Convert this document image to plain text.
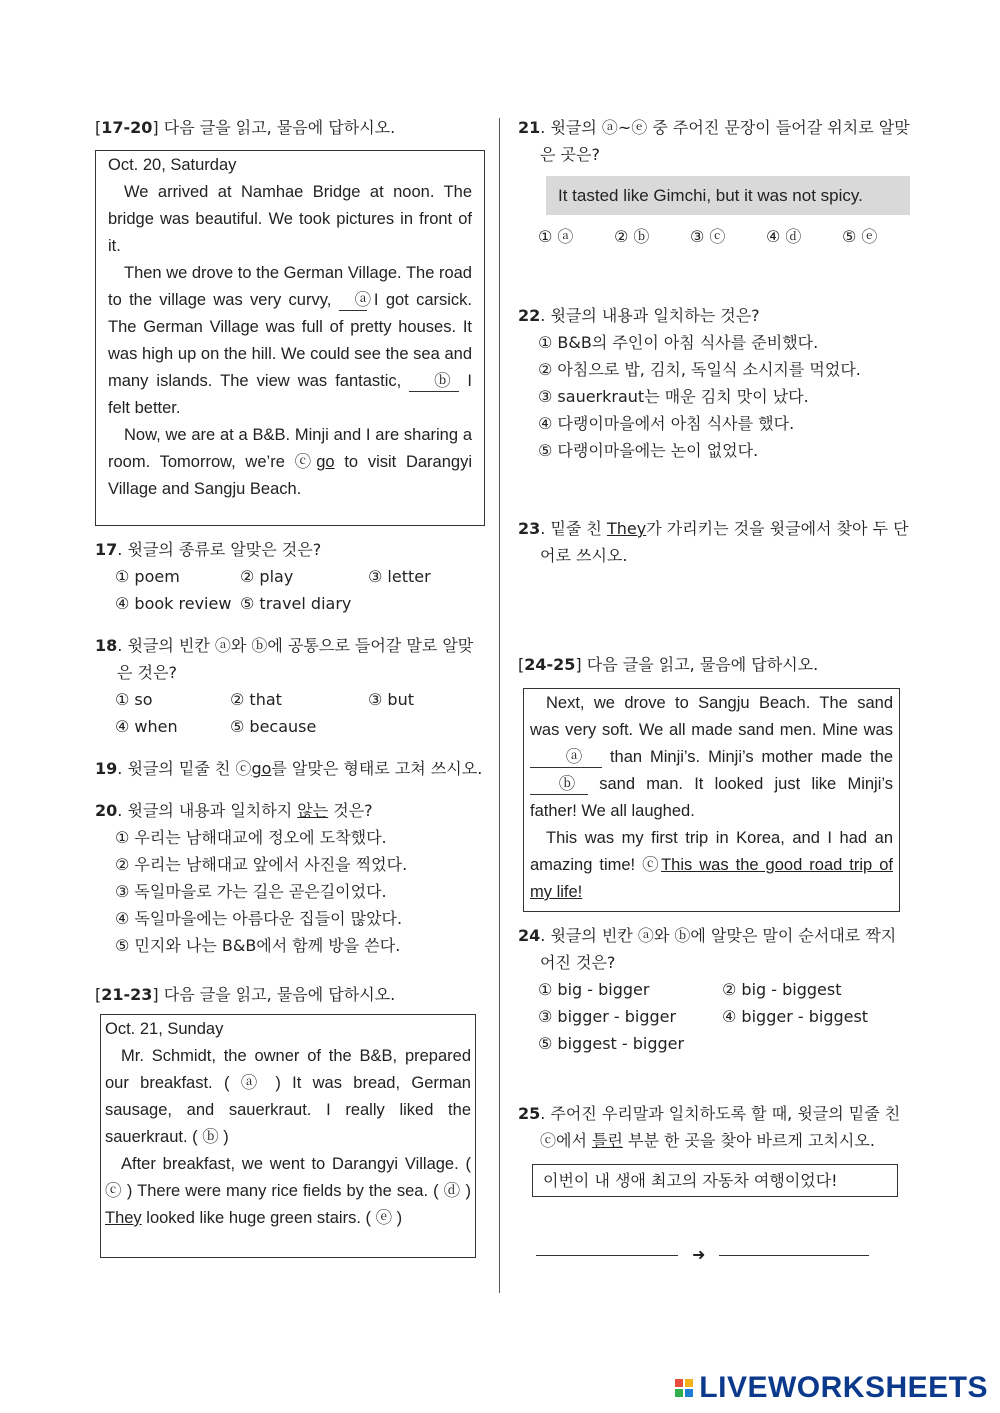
[17-20] 다음 글을 읽고, 물음에 답하시오.

Oct. 20, Saturday

We arrived at Namhae Bridge at noon. The bridge was beautiful. We took pictures in front of it.

Then we drove to the German Village. The road to the village was very curvy, ⓐ I got carsick. The German Village was full of pretty houses. It was high up on the hill. We could see the sea and many islands. The view was fantastic, ⓑ I felt better.

Now, we are at a B&B. Minji and I are sharing a room. Tomorrow, we’re ⓒgo to visit Darangyi Village and Sangju Beach.

17. 윗글의 종류로 알맞은 것은?
① poem	② play	③ letter
④ book review ⑤ travel diary
18. 윗글의 빈칸 ⓐ와 ⓑ에 공통으로 들어갈 말로 알맞은 것은?
① so	② that	③ but
④ when	⑤ because
19. 윗글의 밑줄 친 ⓒgo를 알맞은 형태로 고쳐 쓰시오.
20. 윗글의 내용과 일치하지 않는 것은?
① 우리는 남해대교에 정오에 도착했다.
② 우리는 남해대교 앞에서 사진을 찍었다.
③ 독일마을로 가는 길은 곧은길이었다.
④ 독일마을에는 아름다운 집들이 많았다.
⑤ 민지와 나는 B&B에서 함께 방을 쓴다.
[21-23] 다음 글을 읽고, 물음에 답하시오.

Oct. 21, Sunday

Mr. Schmidt, the owner of the B&B, prepared our breakfast. ( ⓐ ) It was bread, German sausage, and sauerkraut. I really liked the sauerkraut. ( ⓑ )

After breakfast, we went to Darangyi Village. ( ⓒ ) There were many rice fields by the sea. ( ⓓ ) They looked like huge green stairs. ( ⓔ )

21. 윗글의 ⓐ~ⓔ 중 주어진 문장이 들어갈 위치로 알맞은 곳은?
It tasted like Gimchi, but it was not spicy.
① ⓐ	② ⓑ	③ ⓒ	④ ⓓ	⑤ ⓔ
22. 윗글의 내용과 일치하는 것은?
① B&B의 주인이 아침 식사를 준비했다.
② 아침으로 밥, 김치, 독일식 소시지를 먹었다.
③ sauerkraut는 매운 김치 맛이 났다.
④ 다랭이마을에서 아침 식사를 했다.
⑤ 다랭이마을에는 논이 없었다.
23. 밑줄 친 They가 가리키는 것을 윗글에서 찾아 두 단어로 쓰시오.
[24-25] 다음 글을 읽고, 물음에 답하시오.

Next, we drove to Sangju Beach. The sand was very soft. We all made sand men. Mine was ⓐ than Minji’s. Minji’s mother made the ⓑ sand man. It looked just like Minji’s father! We all laughed.

This was my first trip in Korea, and I had an amazing time! ⓒThis was the good road trip of my life!

24. 윗글의 빈칸 ⓐ와 ⓑ에 알맞은 말이 순서대로 짝지어진 것은?
① big - bigger	② big - biggest
③ bigger - bigger	④ bigger - biggest
⑤ biggest - bigger
25. 주어진 우리말과 일치하도록 할 때, 윗글의 밑줄 친 ⓒ에서 틀린 부분 한 곳을 찾아 바르게 고치시오.
이번이 내 생애 최고의 자동차 여행이었다!
➜
LIVEWORKSHEETS
